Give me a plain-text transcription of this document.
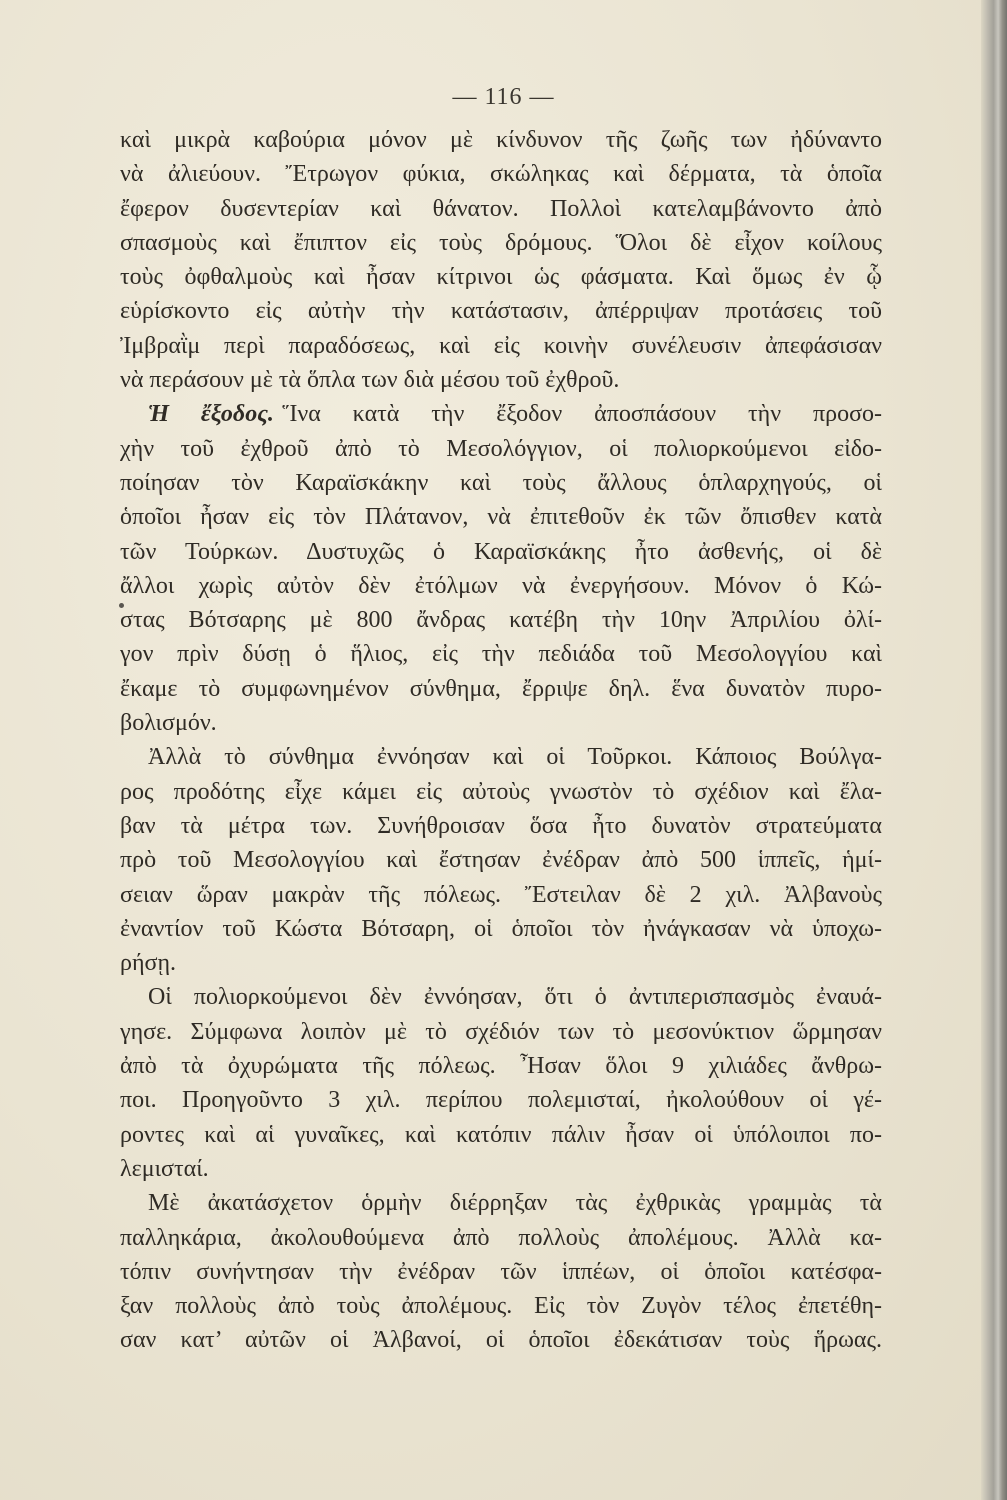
— 116 —
καὶ μικρὰ καβούρια μόνον μὲ κίνδυνον τῆς ζωῆς των ἠδύναντο
νὰ ἀλιεύουν. Ἔτρωγον φύκια, σκώληκας καὶ δέρματα, τὰ ὁποῖα
ἔφερον δυσεντερίαν καὶ θάνατον. Πολλοὶ κατελαμβάνοντο ἀπὸ
σπασμοὺς καὶ ἔπιπτον εἰς τοὺς δρόμους. Ὅλοι δὲ εἶχον κοίλους
τοὺς ὀφθαλμοὺς καὶ ἦσαν κίτρινοι ὡς φάσματα. Καὶ ὅμως ἐν ᾧ
εὑρίσκοντο εἰς αὐτὴν τὴν κατάστασιν, ἀπέρριψαν προτάσεις τοῦ
Ἰμβραῒμ περὶ παραδόσεως, καὶ εἰς κοινὴν συνέλευσιν ἀπεφάσισαν
νὰ περάσουν μὲ τὰ ὅπλα των διὰ μέσου τοῦ ἐχθροῦ.
Ἡ ἔξοδος. Ἵνα κατὰ τὴν ἔξοδον ἀποσπάσουν τὴν προσο-
χὴν τοῦ ἐχθροῦ ἀπὸ τὸ Μεσολόγγιον, οἱ πολιορκούμενοι εἰδο-
ποίησαν τὸν Καραϊσκάκην καὶ τοὺς ἄλλους ὁπλαρχηγούς, οἱ
ὁποῖοι ἦσαν εἰς τὸν Πλάτανον, νὰ ἐπιτεθοῦν ἐκ τῶν ὄπισθεν κατὰ
τῶν Τούρκων. Δυστυχῶς ὁ Καραϊσκάκης ἦτο ἀσθενής, οἱ δὲ
ἄλλοι χωρὶς αὐτὸν δὲν ἐτόλμων νὰ ἐνεργήσουν. Μόνον ὁ Κώ-
στας Βότσαρης μὲ 800 ἄνδρας κατέβη τὴν 10ην Ἀπριλίου ὀλί-
γον πρὶν δύσῃ ὁ ἥλιος, εἰς τὴν πεδιάδα τοῦ Μεσολογγίου καὶ
ἔκαμε τὸ συμφωνημένον σύνθημα, ἔρριψε δηλ. ἕνα δυνατὸν πυρο-
βολισμόν.
Ἀλλὰ τὸ σύνθημα ἐννόησαν καὶ οἱ Τοῦρκοι. Κάποιος Βούλγα-
ρος προδότης εἶχε κάμει εἰς αὐτοὺς γνωστὸν τὸ σχέδιον καὶ ἔλα-
βαν τὰ μέτρα των. Συνήθροισαν ὅσα ἦτο δυνατὸν στρατεύματα
πρὸ τοῦ Μεσολογγίου καὶ ἔστησαν ἐνέδραν ἀπὸ 500 ἱππεῖς, ἡμί-
σειαν ὥραν μακρὰν τῆς πόλεως. Ἔστειλαν δὲ 2 χιλ. Ἀλβανοὺς
ἐναντίον τοῦ Κώστα Βότσαρη, οἱ ὁποῖοι τὸν ἠνάγκασαν νὰ ὑποχω-
ρήσῃ.
Οἱ πολιορκούμενοι δὲν ἐννόησαν, ὅτι ὁ ἀντιπερισπασμὸς ἐναυά-
γησε. Σύμφωνα λοιπὸν μὲ τὸ σχέδιόν των τὸ μεσονύκτιον ὥρμησαν
ἀπὸ τὰ ὀχυρώματα τῆς πόλεως. Ἦσαν ὅλοι 9 χιλιάδες ἄνθρω-
ποι. Προηγοῦντο 3 χιλ. περίπου πολεμισταί, ἠκολούθουν οἱ γέ-
ροντες καὶ αἱ γυναῖκες, καὶ κατόπιν πάλιν ἦσαν οἱ ὑπόλοιποι πο-
λεμισταί.
Μὲ ἀκατάσχετον ὁρμὴν διέρρηξαν τὰς ἐχθρικὰς γραμμὰς τὰ
παλληκάρια, ἀκολουθούμενα ἀπὸ πολλοὺς ἀπολέμους. Ἀλλὰ κα-
τόπιν συνήντησαν τὴν ἐνέδραν τῶν ἱππέων, οἱ ὁποῖοι κατέσφα-
ξαν πολλοὺς ἀπὸ τοὺς ἀπολέμους. Εἰς τὸν Ζυγὸν τέλος ἐπετέθη-
σαν κατ’ αὐτῶν οἱ Ἀλβανοί, οἱ ὁποῖοι ἐδεκάτισαν τοὺς ἥρωας.
